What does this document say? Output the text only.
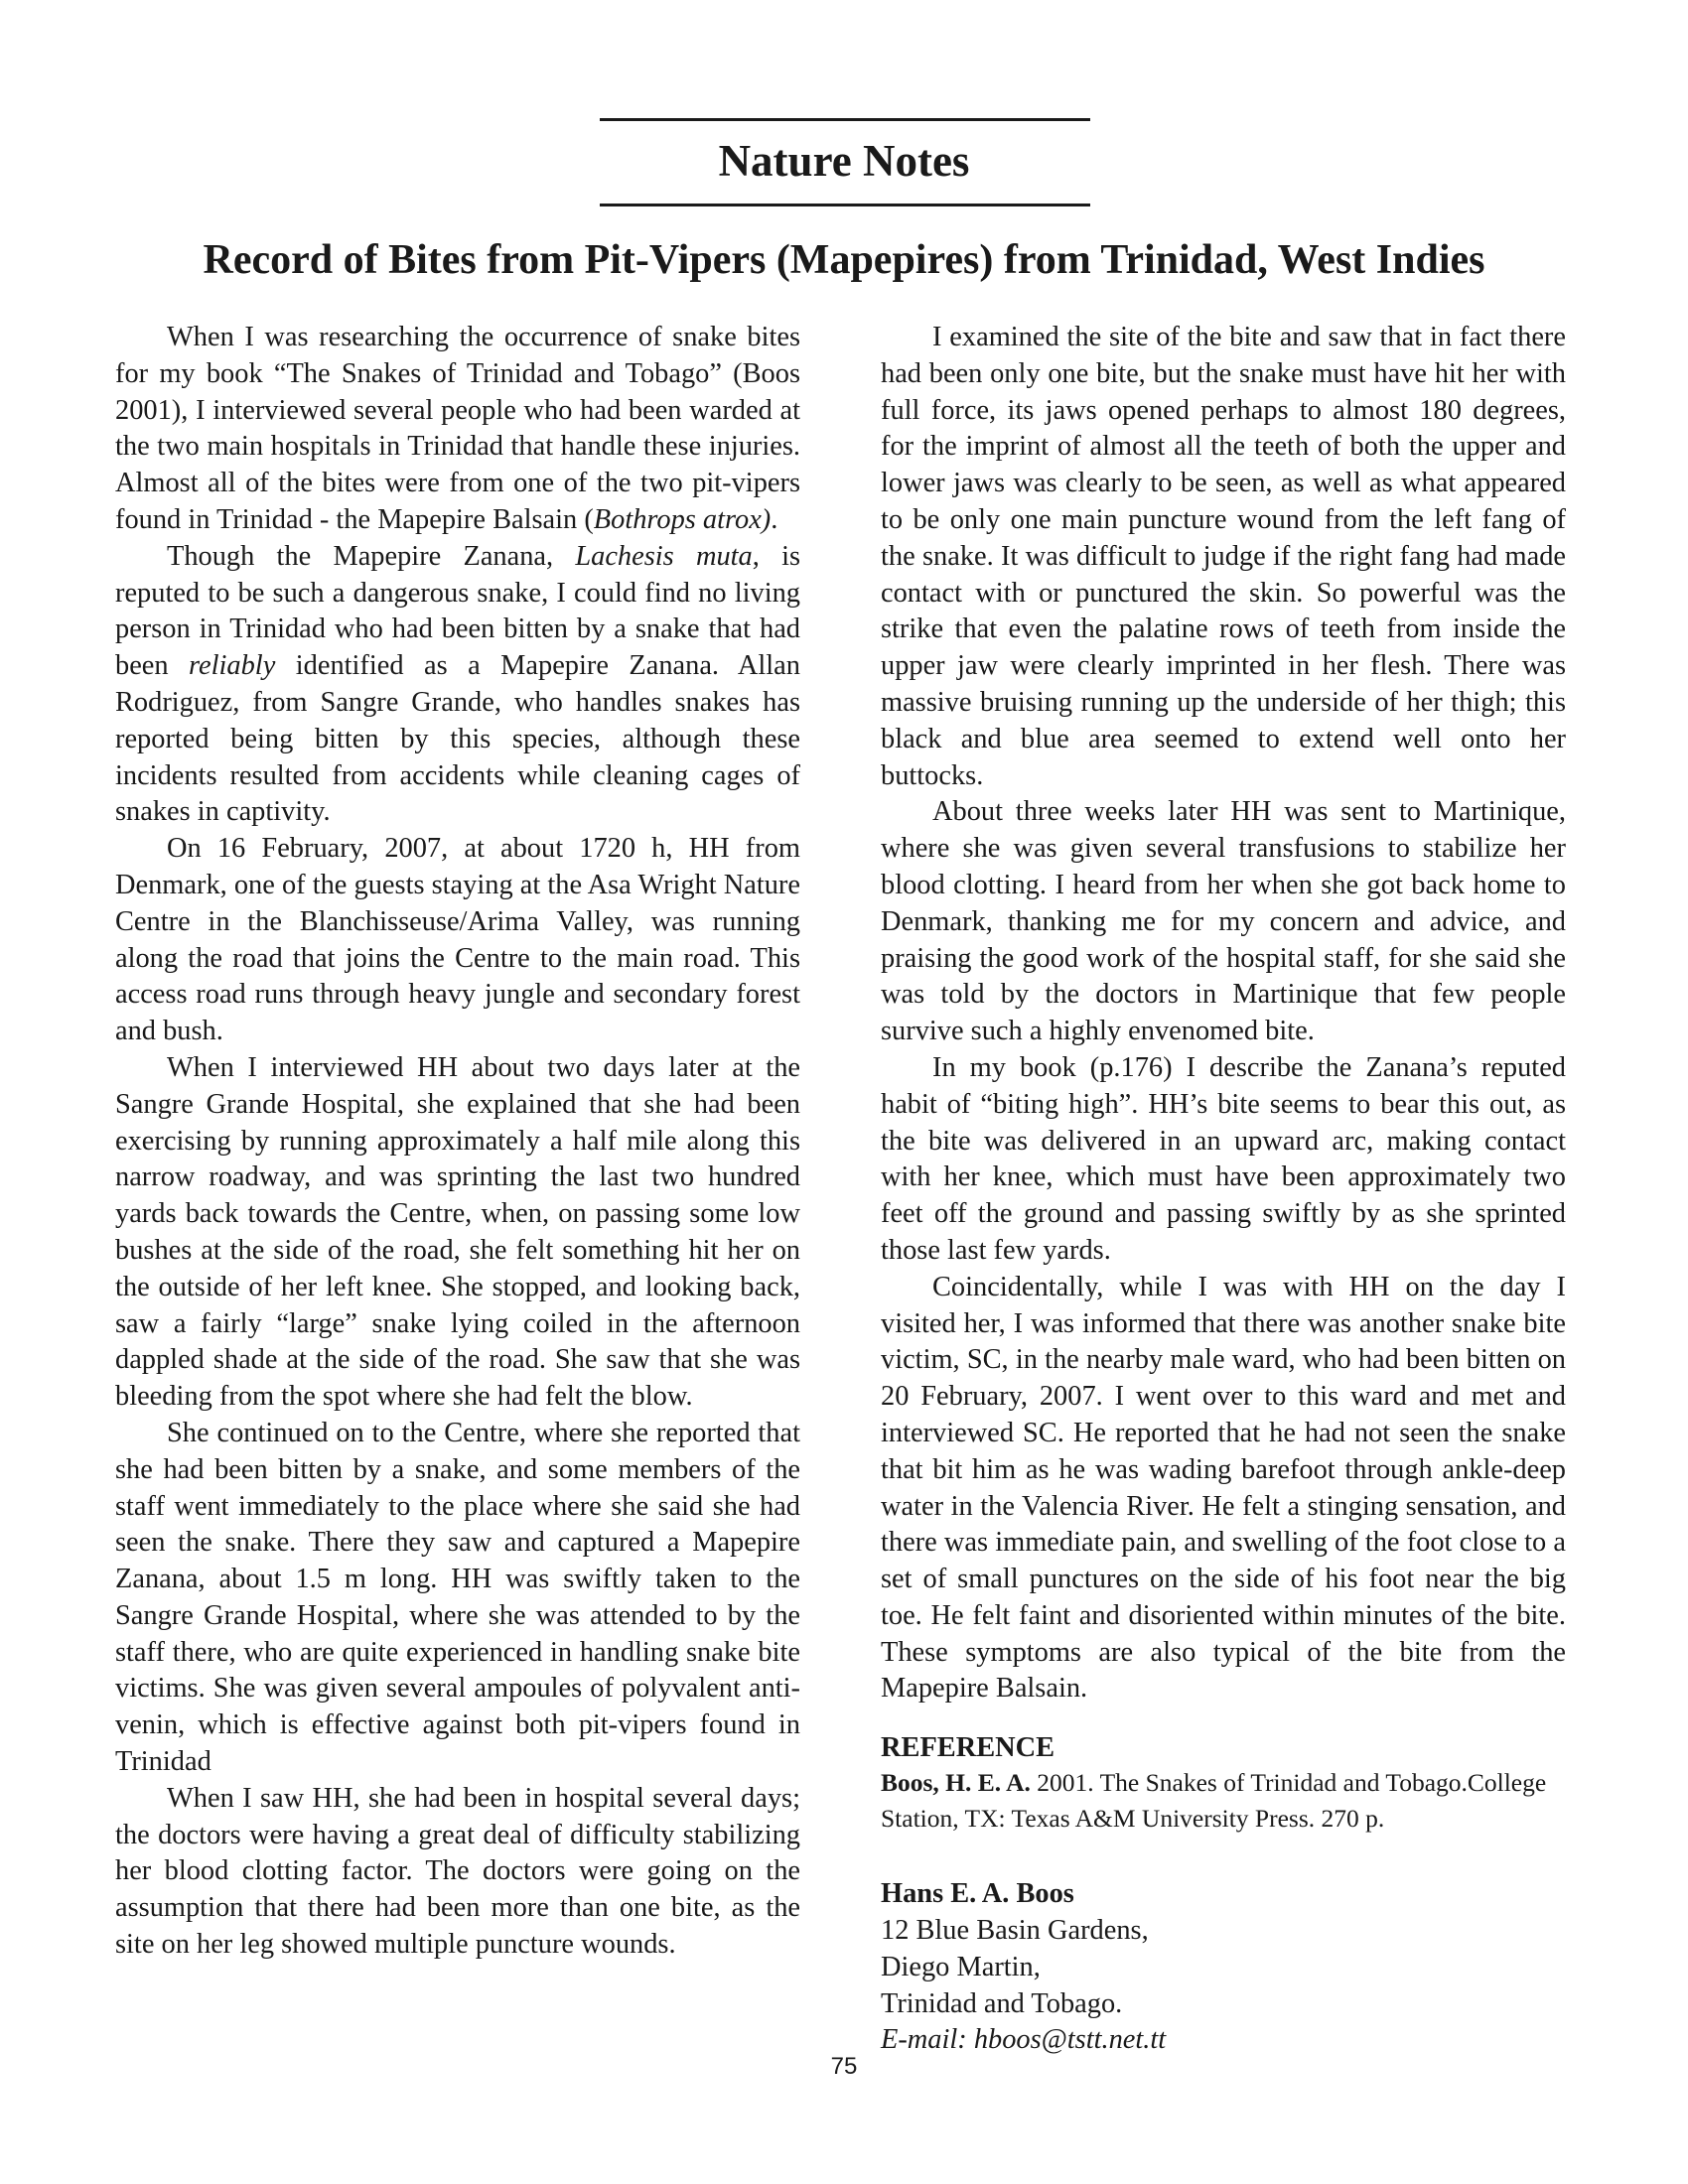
Nature Notes
Record of Bites from Pit-Vipers (Mapepires) from Trinidad, West Indies

When I was researching the occurrence of snake bites for my book “The Snakes of Trinidad and Tobago” (Boos 2001), I interviewed several people who had been warded at the two main hospitals in Trinidad that handle these injuries. Almost all of the bites were from one of the two pit-vipers found in Trinidad - the Mapepire Balsain (Bothrops atrox).

Though the Mapepire Zanana, Lachesis muta, is reputed to be such a dangerous snake, I could find no living person in Trinidad who had been bitten by a snake that had been reliably identified as a Mapepire Zanana. Allan Rodriguez, from Sangre Grande, who handles snakes has reported being bitten by this species, although these incidents resulted from accidents while cleaning cages of snakes in captivity.

On 16 February, 2007, at about 1720 h, HH from Denmark, one of the guests staying at the Asa Wright Nature Centre in the Blanchisseuse/Arima Valley, was running along the road that joins the Centre to the main road. This access road runs through heavy jungle and secondary forest and bush.

When I interviewed HH about two days later at the Sangre Grande Hospital, she explained that she had been exercising by running approximately a half mile along this narrow roadway, and was sprinting the last two hundred yards back towards the Centre, when, on passing some low bushes at the side of the road, she felt something hit her on the outside of her left knee. She stopped, and looking back, saw a fairly “large” snake lying coiled in the afternoon dappled shade at the side of the road. She saw that she was bleeding from the spot where she had felt the blow.

She continued on to the Centre, where she reported that she had been bitten by a snake, and some members of the staff went immediately to the place where she said she had seen the snake. There they saw and captured a Mapepire Zanana, about 1.5 m long. HH was swiftly taken to the Sangre Grande Hospital, where she was attended to by the staff there, who are quite experienced in handling snake bite victims. She was given several ampoules of polyvalent anti-venin, which is effective against both pit-vipers found in Trinidad

When I saw HH, she had been in hospital several days; the doctors were having a great deal of difficulty stabilizing her blood clotting factor. The doctors were going on the assumption that there had been more than one bite, as the site on her leg showed multiple puncture wounds.

I examined the site of the bite and saw that in fact there had been only one bite, but the snake must have hit her with full force, its jaws opened perhaps to almost 180 degrees, for the imprint of almost all the teeth of both the upper and lower jaws was clearly to be seen, as well as what appeared to be only one main puncture wound from the left fang of the snake. It was difficult to judge if the right fang had made contact with or punctured the skin. So powerful was the strike that even the palatine rows of teeth from inside the upper jaw were clearly imprinted in her flesh. There was massive bruising running up the underside of her thigh; this black and blue area seemed to extend well onto her buttocks.

About three weeks later HH was sent to Martinique, where she was given several transfusions to stabilize her blood clotting. I heard from her when she got back home to Denmark, thanking me for my concern and advice, and praising the good work of the hospital staff, for she said she was told by the doctors in Martinique that few people survive such a highly envenomed bite.

In my book (p.176) I describe the Zanana’s reputed habit of “biting high”. HH’s bite seems to bear this out, as the bite was delivered in an upward arc, making contact with her knee, which must have been approximately two feet off the ground and passing swiftly by as she sprinted those last few yards.

Coincidentally, while I was with HH on the day I visited her, I was informed that there was another snake bite victim, SC, in the nearby male ward, who had been bitten on 20 February, 2007. I went over to this ward and met and interviewed SC. He reported that he had not seen the snake that bit him as he was wading barefoot through ankle-deep water in the Valencia River. He felt a stinging sensation, and there was immediate pain, and swelling of the foot close to a set of small punctures on the side of his foot near the big toe. He felt faint and disoriented within minutes of the bite. These symptoms are also typical of the bite from the Mapepire Balsain.

REFERENCE

Boos, H. E. A. 2001. The Snakes of Trinidad and Tobago.College Station, TX: Texas A&M University Press. 270 p.

Hans E. A. Boos
12 Blue Basin Gardens,
Diego Martin,
Trinidad and Tobago.
E-mail: hboos@tstt.net.tt
75
